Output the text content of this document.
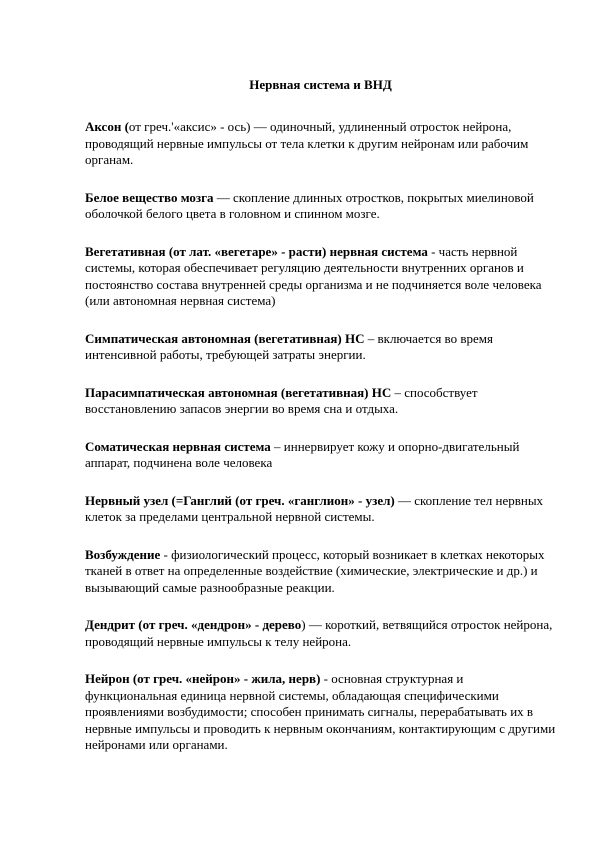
Нервная система и ВНД
Аксон (от греч.'«аксис» - ось) — одиночный, удлиненный отросток нейрона, проводящий нервные импульсы от тела клетки к другим нейронам или рабочим органам.
Белое вещество мозга — скопление длинных отростков, покрытых миелиновой оболочкой белого цвета в головном и спинном мозге.
Вегетативная (от лат. «вегетаре» - расти) нервная система - часть нервной системы, которая обеспечивает регуляцию деятельности внутренних органов и постоянство состава внутренней среды организма и не подчиняется воле человека (или автономная нервная система)
Симпатическая автономная (вегетативная) НС – включается во время интенсивной работы, требующей затраты энергии.
Парасимпатическая автономная (вегетативная) НС – способствует восстановлению запасов энергии во время сна и отдыха.
Соматическая нервная система – иннервирует кожу и опорно-двигательный аппарат, подчинена воле человека
Нервный узел (=Ганглий (от греч. «ганглион» - узел) — скопление тел нервных клеток за пределами центральной нервной системы.
Возбуждение - физиологический процесс, который возникает в клетках некоторых тканей в ответ на определенные воздействие (химические, электрические и др.) и вызывающий самые разнообразные реакции.
Дендрит (от греч. «дендрон» - дерево) — короткий, ветвящийся отросток нейрона, проводящий нервные импульсы к телу нейрона.
Нейрон (от греч. «нейрон» - жила, нерв) - основная структурная и функциональная единица нервной системы, обладающая специфическими проявлениями возбудимости; способен принимать сигналы, перерабатывать их в нервные импульсы и проводить к нервным окончаниям, контактирующим с другими нейронами или органами.
